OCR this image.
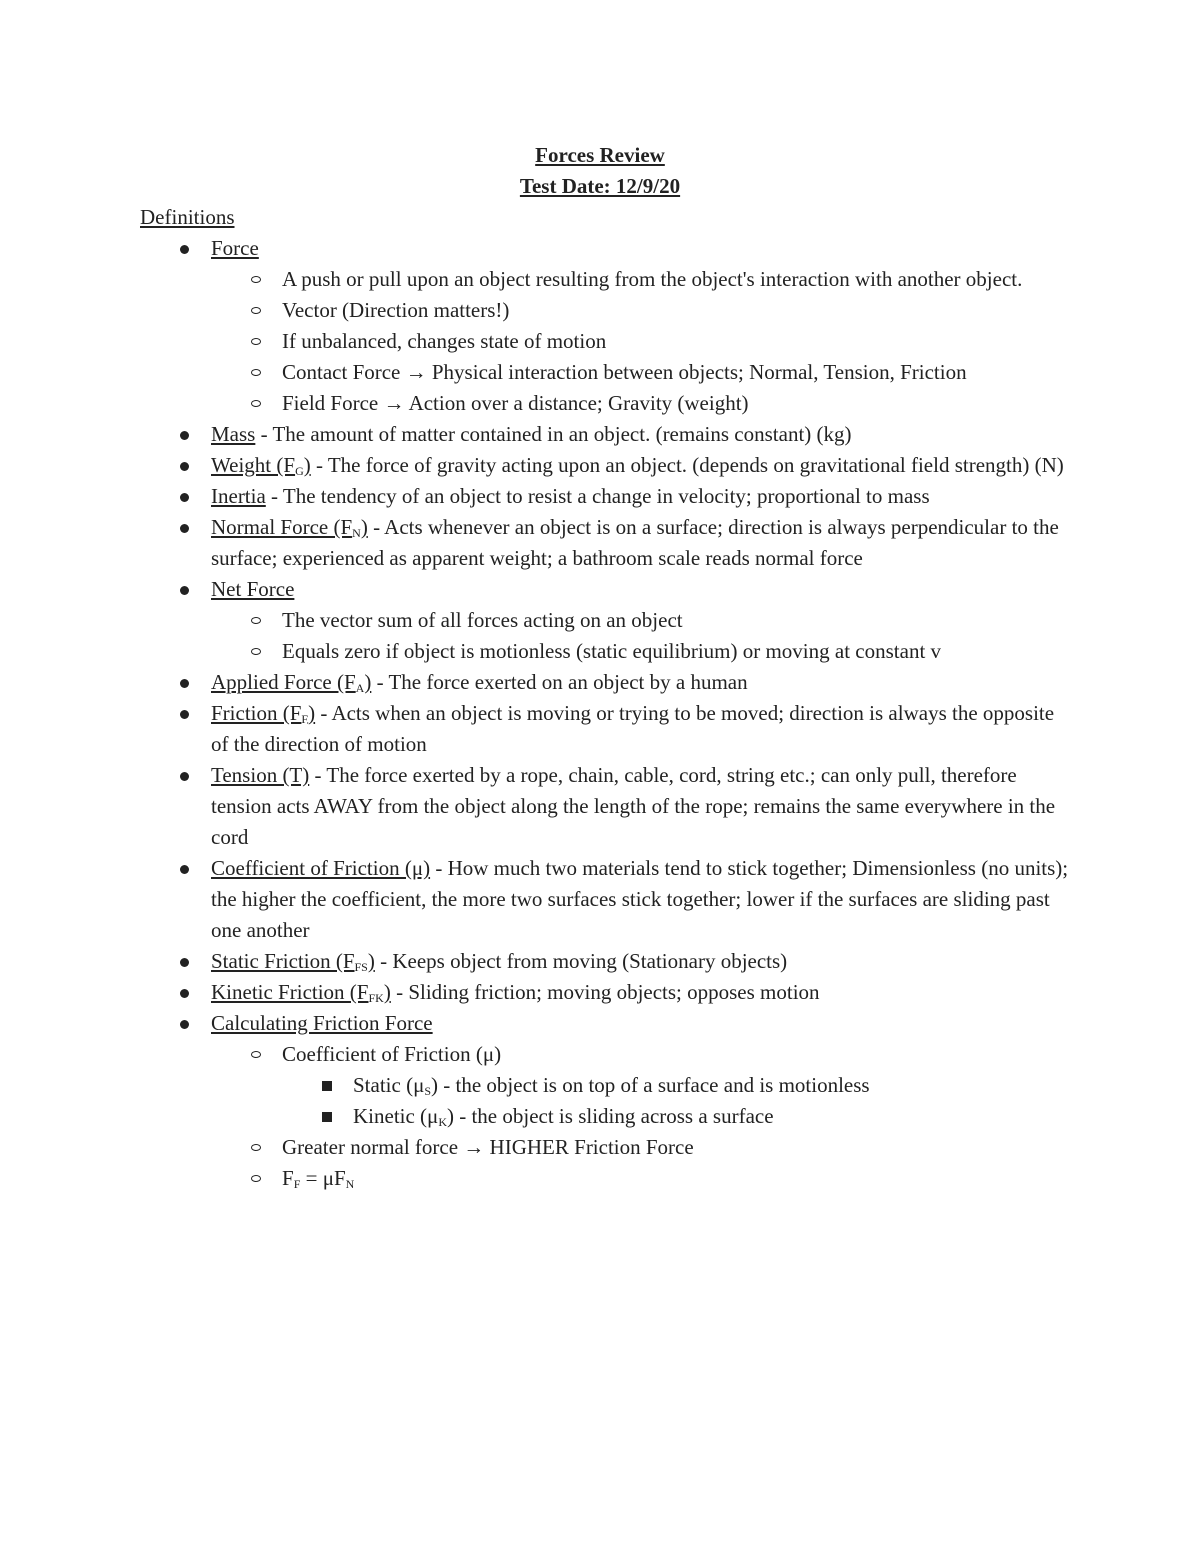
Forces Review
Test Date: 12/9/20
Definitions
Force
A push or pull upon an object resulting from the object's interaction with another object.
Vector (Direction matters!)
If unbalanced, changes state of motion
Contact Force → Physical interaction between objects; Normal, Tension, Friction
Field Force → Action over a distance; Gravity (weight)
Mass - The amount of matter contained in an object. (remains constant) (kg)
Weight $(F_G)$ - The force of gravity acting upon an object. (depends on gravitational field strength) (N)
Inertia - The tendency of an object to resist a change in velocity; proportional to mass
Normal Force $(F_N)$ - Acts whenever an object is on a surface; direction is always perpendicular to the surface; experienced as apparent weight; a bathroom scale reads normal force
Net Force
The vector sum of all forces acting on an object
Equals zero if object is motionless (static equilibrium) or moving at constant v
Applied Force $(F_A)$ - The force exerted on an object by a human
Friction $(F_F)$ - Acts when an object is moving or trying to be moved; direction is always the opposite of the direction of motion
Tension (T) - The force exerted by a rope, chain, cable, cord, string etc.; can only pull, therefore tension acts AWAY from the object along the length of the rope; remains the same everywhere in the cord
Coefficient of Friction (μ) - How much two materials tend to stick together; Dimensionless (no units); the higher the coefficient, the more two surfaces stick together; lower if the surfaces are sliding past one another
Static Friction $(F_{FS})$ - Keeps object from moving (Stationary objects)
Kinetic Friction $(F_{FK})$ - Sliding friction; moving objects; opposes motion
Calculating Friction Force
Coefficient of Friction (μ)
Static $(\mu_S)$ - the object is on top of a surface and is motionless
Kinetic $(\mu_K)$ - the object is sliding across a surface
Greater normal force → HIGHER Friction Force
$F_F = \mu F_N$
